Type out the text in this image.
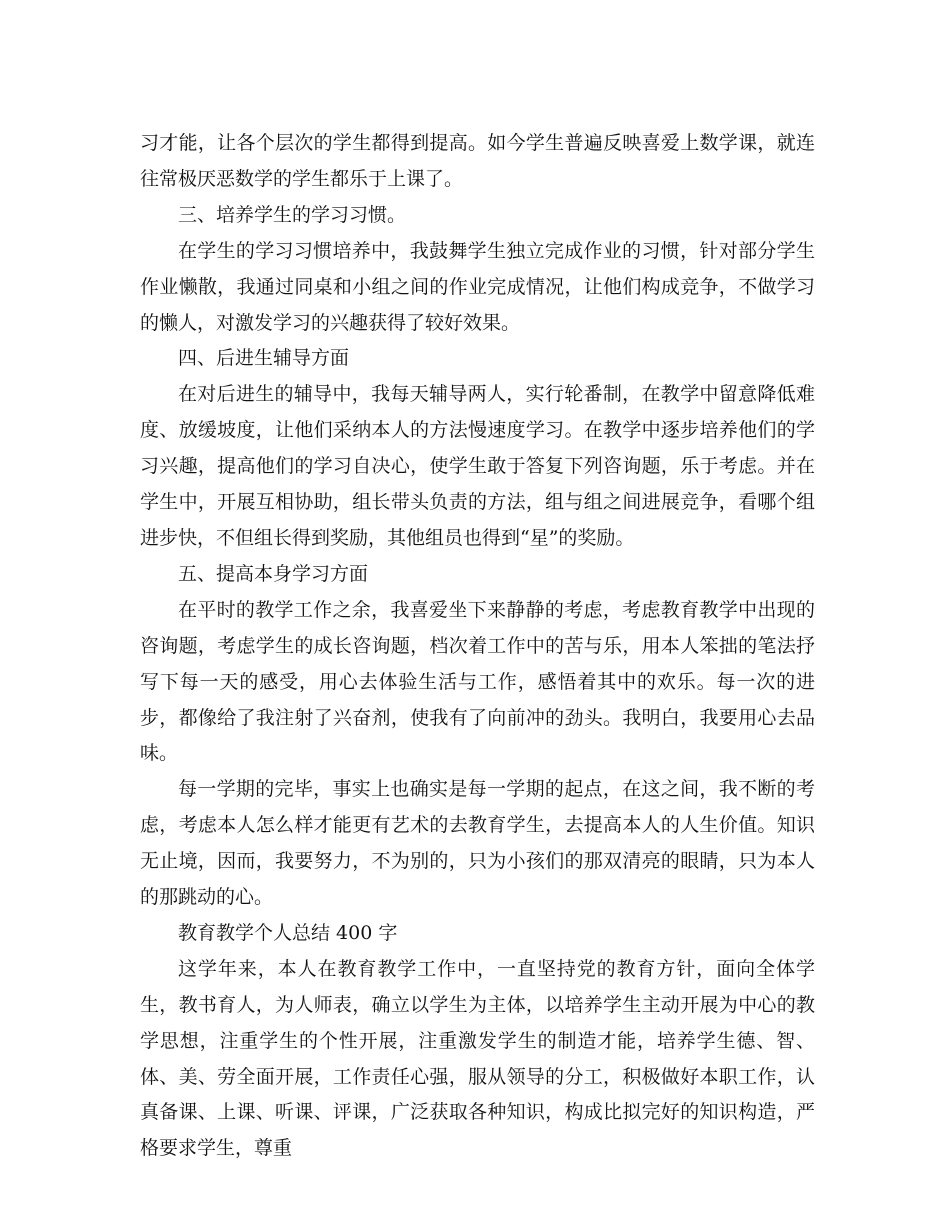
习才能，让各个层次的学生都得到提高。如今学生普遍反映喜爱上数学课，就连往常极厌恶数学的学生都乐于上课了。

三、培养学生的学习习惯。

在学生的学习习惯培养中，我鼓舞学生独立完成作业的习惯，针对部分学生作业懒散，我通过同桌和小组之间的作业完成情况，让他们构成竞争，不做学习的懒人，对激发学习的兴趣获得了较好效果。

四、后进生辅导方面

在对后进生的辅导中，我每天辅导两人，实行轮番制，在教学中留意降低难度、放缓坡度，让他们采纳本人的方法慢速度学习。在教学中逐步培养他们的学习兴趣，提高他们的学习自决心，使学生敢于答复下列咨询题，乐于考虑。并在学生中，开展互相协助，组长带头负责的方法，组与组之间进展竞争，看哪个组进步快，不但组长得到奖励，其他组员也得到“星”的奖励。

五、提高本身学习方面

在平时的教学工作之余，我喜爱坐下来静静的考虑，考虑教育教学中出现的咨询题，考虑学生的成长咨询题，档次着工作中的苦与乐，用本人笨拙的笔法抒写下每一天的感受，用心去体验生活与工作，感悟着其中的欢乐。每一次的进步，都像给了我注射了兴奋剂，使我有了向前冲的劲头。我明白，我要用心去品味。

每一学期的完毕，事实上也确实是每一学期的起点，在这之间，我不断的考虑，考虑本人怎么样才能更有艺术的去教育学生，去提高本人的人生价值。知识无止境，因而，我要努力，不为别的，只为小孩们的那双清亮的眼睛，只为本人的那跳动的心。

教育教学个人总结 400 字

这学年来，本人在教育教学工作中，一直坚持党的教育方针，面向全体学生，教书育人，为人师表，确立以学生为主体，以培养学生主动开展为中心的教学思想，注重学生的个性开展，注重激发学生的制造才能，培养学生德、智、体、美、劳全面开展，工作责任心强，服从领导的分工，积极做好本职工作，认真备课、上课、听课、评课，广泛获取各种知识，构成比拟完好的知识构造，严格要求学生，尊重
